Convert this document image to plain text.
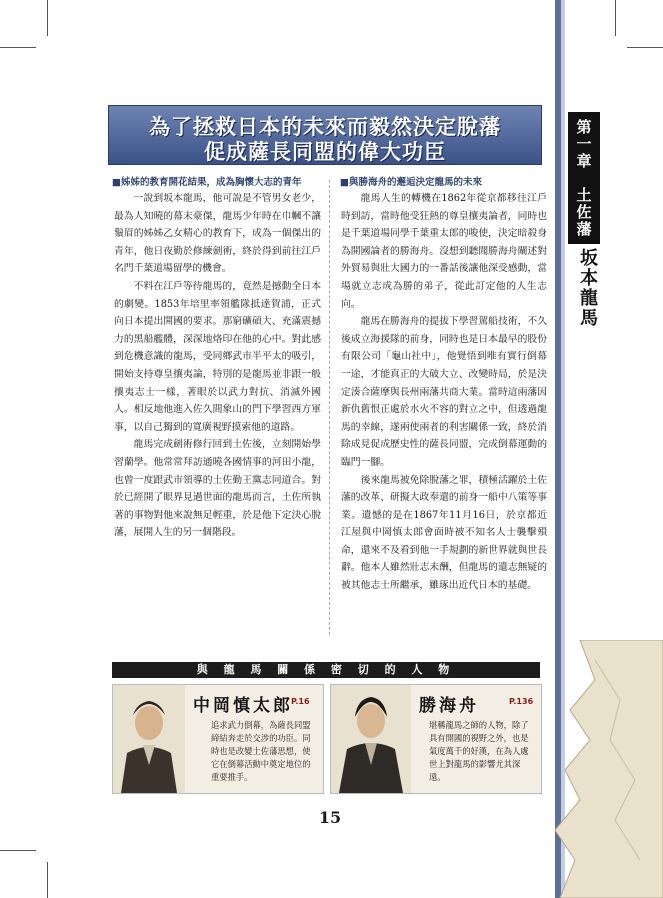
第一章　土佐藩
坂本龍馬
為了拯救日本的未來而毅然決定脫藩
促成薩長同盟的偉大功臣
■姊姊的教育開花結果，成為胸懷大志的青年

一說到坂本龍馬，他可說是不管男女老少，最為人知曉的幕末豪傑，龍馬少年時在巾幗不讓鬚眉的姊姊乙女精心的教育下，成為一個傑出的青年，他日夜勤於修練劍術，終於得到前往江戶名門千葉道場留學的機會。

不料在江戶等待龍馬的，竟然是撼動全日本的劇變。1853年培里率領艦隊抵達賀浦，正式向日本提出開國的要求。那窮礦碩大、充滿震撼力的黑船艦體，深深地烙印在他的心中。對此感到危機意識的龍馬，受同鄉武市半平太的吸引，開始支持尊皇攘夷論，特別的是龍馬並非跟一般攘夷志士一樣，著眼於以武力對抗、消滅外國人。相反地他進入佐久間象山的門下學習西方軍事，以自己獨到的寬廣視野摸索他的道路。

龍馬完成劍術修行回到土佐後，立刻開始學習蘭學。他常常拜訪通曉各國情事的河田小龍，也曾一度跟武市領導的土佐勤王黨志同道合。對於已經開了眼界見過世面的龍馬而言，土佐所執著的事物對他來說無足輕重，於是他下定決心脫藩，展開人生的另一個階段。

■與勝海舟的邂逅決定龍馬的未來

龍馬人生的轉機在1862年從京都移往江戶時到訪，當時他受狂熱的尊皇攘夷論者，同時也是千葉道場同學千葉重太郎的唆使，決定暗殺身為開國論者的勝海舟。沒想到聽聞勝海舟闡述對外貿易與壯大國力的一番話後讓他深受感動，當場就立志成為勝的弟子，從此訂定他的人生志向。

龍馬在勝海舟的提拔下學習駕船技術，不久後成立海援隊的前身，同時也是日本最早的股份有限公司「龜山社中」，他覺悟到唯有實行倒幕一途，才能真正的大破大立、改變時局，於是決定湊合薩摩與長州兩藩共商大業。當時這兩藩因新仇舊恨正處於水火不容的對立之中，但透過龍馬的幸線，遂兩使兩者的利害關係一致，終於消除成見促成歷史性的薩長同盟，完成倒幕運動的臨門一腳。

後來龍馬被免除脫藩之罪，積極活躍於土佐藩的改革、研擬大政奉還的前身一船中八策等事業。遺憾的是在1867年11月16日，於京都近江屋與中岡慎太郎會面時被不知名人士襲擊殞命，還來不及看到他一手規劃的新世界就與世長辭。他本人雖然壯志未酬，但龍馬的遺志無疑的被其他志士所繼承，雖琢出近代日本的基礎。

與 龍 馬 關 係 密 切 的 人 物
中岡慎太郎
P.16
追求武力倒幕，為薩長同盟締結奔走於交涉的功臣。同時也是改變土佐藩思想，使它在倒幕活動中奠定地位的重要推手。
勝海舟	P.136
堪稱龍馬之師的人物，除了具有開國的視野之外，也是氣度萬千的好漢，在為人處世上對龍馬的影響尤其深遠。
15
